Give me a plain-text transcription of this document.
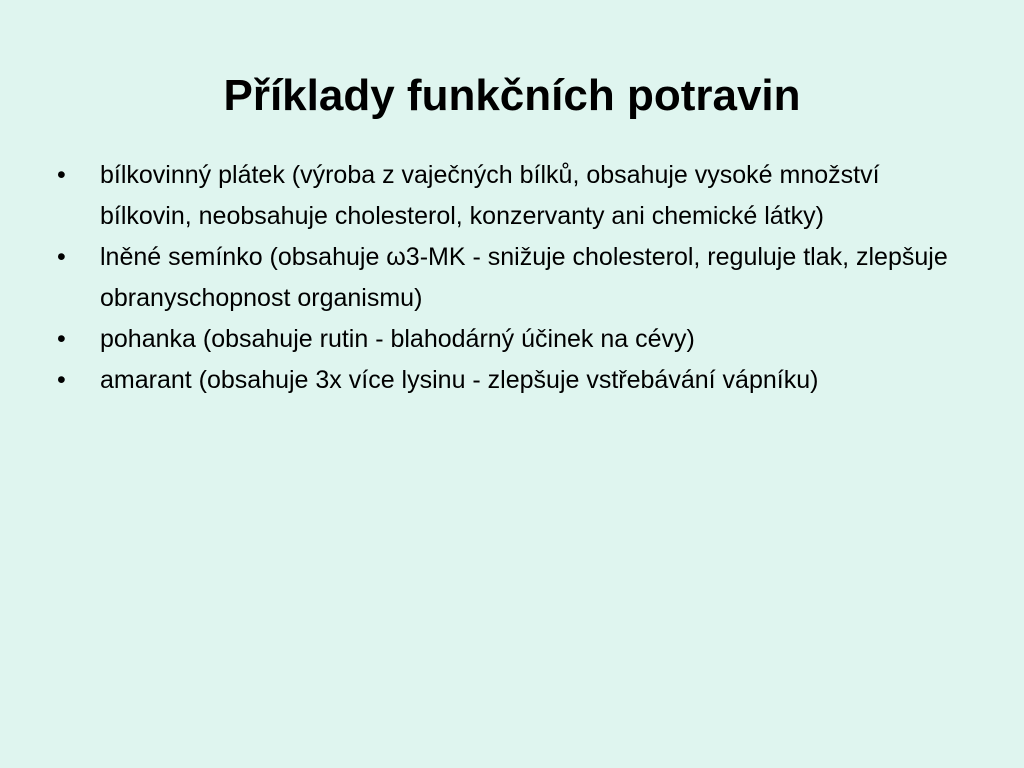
Příklady funkčních potravin
• bílkovinný plátek (výroba z vaječných bílků, obsahuje vysoké množství bílkovin, neobsahuje cholesterol, konzervanty ani chemické látky)
• lněné semínko (obsahuje ω3-MK - snižuje cholesterol, reguluje tlak, zlepšuje obranyschopnost organismu)
• pohanka (obsahuje rutin - blahodárný účinek na cévy)
• amarant (obsahuje 3x více lysinu - zlepšuje vstřebávání vápníku)
